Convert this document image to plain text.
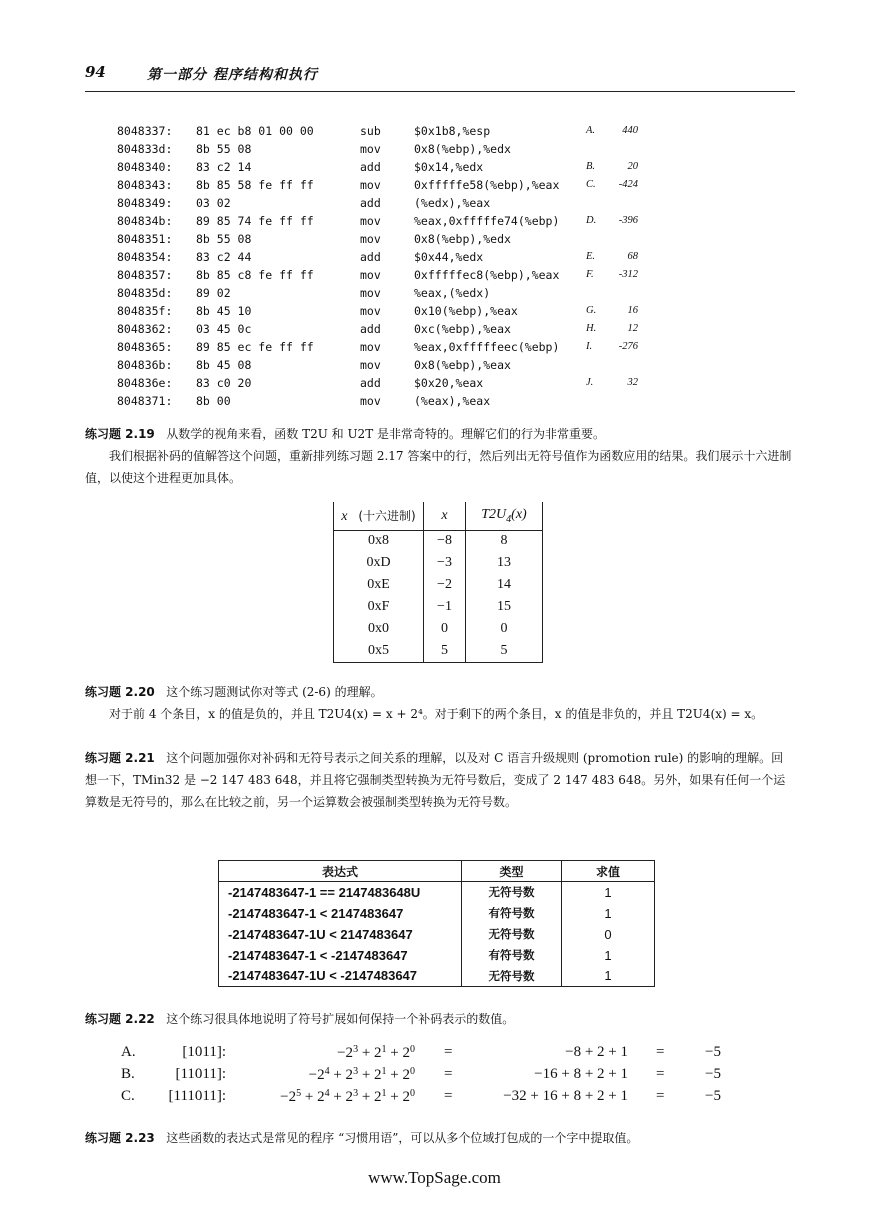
94	第一部分 程序结构和执行
8048337: 81 ec b8 01 00 00	sub	$0x1b8,%esp	A.	440
804833d: 8b 55 08	mov	0x8(%ebp),%edx
8048340: 83 c2 14	add	$0x14,%edx	B.	20
8048343: 8b 85 58 fe ff ff	mov	0xfffffe58(%ebp),%eax	C. -424
8048349: 03 02	add	(%edx),%eax
804834b: 89 85 74 fe ff ff	mov	%eax,0xfffffe74(%ebp)	D. -396
8048351: 8b 55 08	mov	0x8(%ebp),%edx
8048354: 83 c2 44	add	$0x44,%edx	E.	68
8048357: 8b 85 c8 fe ff ff	mov	0xfffffec8(%ebp),%eax	F. -312
804835d: 89 02	mov	%eax,(%edx)
804835f: 8b 45 10	mov	0x10(%ebp),%eax	G.	16
8048362: 03 45 0c	add	0xc(%ebp),%eax	H.	12
8048365: 89 85 ec fe ff ff	mov	%eax,0xfffffeec(%ebp)	I.	-276
804836b: 8b 45 08	mov	0x8(%ebp),%eax
804836e: 83 c0 20	add	$0x20,%eax	J.	32
8048371: 8b 00	mov	(%eax),%eax

练习题 2.19 从数学的视角来看，函数 T2U 和 U2T 是非常奇特的。理解它们的行为非常重要。

我们根据补码的值解答这个问题，重新排列练习题 2.17 答案中的行，然后列出无符号值作为函数应用的结果。我们展示十六进制值，以使这个进程更加具体。

x⃗(十六进制)	x	$T2U_4(x)$
0x8	−8	8
0xD	−3	13
0xE	−2	14
0xF	−1	15
0x0	0	0
0x5	5	5

练习题 2.20 这个练习题测试你对等式 (2-6) 的理解。

对于前 4 个条目，x 的值是负的，并且 T2U4(x) = x + 2⁴。对于剩下的两个条目，x 的值是非负的，并且 T2U4(x) = x。

练习题 2.21 这个问题加强你对补码和无符号表示之间关系的理解，以及对 C 语言升级规则 (promotion rule) 的影响的理解。回想一下，TMin32 是 −2 147 483 648，并且将它强制类型转换为无符号数后，变成了 2 147 483 648。另外，如果有任何一个运算数是无符号的，那么在比较之前，另一个运算数会被强制类型转换为无符号数。

表达式	类型	求值
-2147483647-1 == 2147483648U	无符号数	1
-2147483647-1 < 2147483647	有符号数	1
-2147483647-1U < 2147483647	无符号数	0
-2147483647-1 < -2147483647	有符号数	1
-2147483647-1U < -2147483647	无符号数	1

练习题 2.22 这个练习很具体地说明了符号扩展如何保持一个补码表示的数值。

A.	[1011]:	$-2^3 + 2^1 + 2^0$ =	−8 + 2 + 1 =	−5
B.	[11011]:	$-2^4 + 2^3 + 2^1 + 2^0$ =	−16 + 8 + 2 + 1 =	−5
C.	[111011]:	$-2^5 + 2^4 + 2^3 + 2^1 + 2^0$ =	−32 + 16 + 8 + 2 + 1 =	−5

练习题 2.23 这些函数的表达式是常见的程序 “习惯用语”，可以从多个位域打包成的一个字中提取值。

www.TopSage.com
